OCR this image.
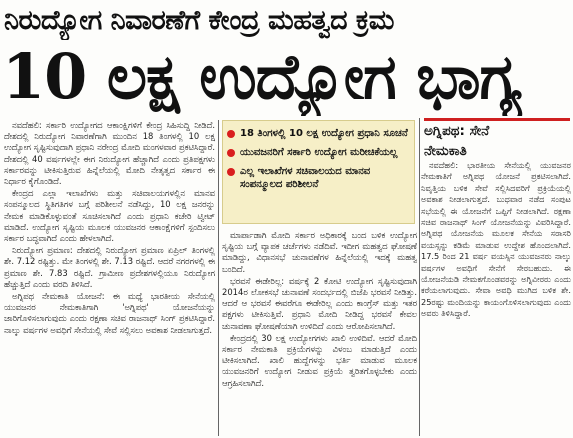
ನಿರುದ್ಯೋಗ ನಿವಾರಣೆಗೆ ಕೇಂದ್ರ ಮಹತ್ವದ ಕ್ರಮ
10 ಲಕ್ಷ ಉದ್ಯೋಗ ಭಾಗ್ಯ

ನವದೆಹಲಿ: ಸರ್ಕಾರಿ ಉದ್ಯೋಗದ ಆಕಾಂಕ್ಷಿಗಳಿಗೆ ಕೇಂದ್ರ ಸಿಹಿಸುದ್ದಿ ನೀಡಿದೆ. ದೇಶದಲ್ಲಿ ನಿರುದ್ಯೋಗ ನಿವಾರಣೆಗಾಗಿ ಮುಂದಿನ 18 ತಿಂಗಳಲ್ಲಿ 10 ಲಕ್ಷ ಉದ್ಯೋಗ ಸೃಷ್ಟಿಸುವುದಾಗಿ ಪ್ರಧಾನಿ ನರೇಂದ್ರ ಮೋದಿ ಮಂಗಳವಾರ ಪ್ರಕಟಿಸಿದ್ದಾರೆ. ದೇಶದಲ್ಲಿ 40 ವರ್ಷಗಳಲ್ಲೇ ಈಗ ನಿರುದ್ಯೋಗ ಹೆಚ್ಚಾಗಿದೆ ಎಂದು ಪ್ರತಿಪಕ್ಷಗಳು ಸರ್ಕಾರವನ್ನು ಟೀಕಿಸುತ್ತಿರುವ ಹಿನ್ನೆಲೆಯಲ್ಲಿ ಮೋದಿ ನೇತೃತ್ವದ ಸರ್ಕಾರ ಈ ನಿರ್ಧಾರ ಕೈಗೊಂಡಿದೆ.

ಕೇಂದ್ರದ ಎಲ್ಲಾ ಇಲಾಖೆಗಳು ಮತ್ತು ಸಚಿವಾಲಯಗಳಲ್ಲಿನ ಮಾನವ ಸಂಪನ್ಮೂಲದ ಸ್ಥಿತಿಗತಿಗಳ ಬಗ್ಗೆ ಪರಿಶೀಲನೆ ನಡೆಸಿದ್ದು, 10 ಲಕ್ಷ ಜನರನ್ನು ನೇಮಕ ಮಾಡಿಕೊಳ್ಳುವಂತೆ ಸೂಚಿಸಲಾಗಿದೆ ಎಂದು ಪ್ರಧಾನಿ ಕಚೇರಿ ಟ್ವೀಟ್ ಮಾಡಿದೆ. ಉದ್ಯೋಗ ಸೃಷ್ಟಿಯ ಮೂಲಕ ಯುವಜನರ ಆಕಾಂಕ್ಷೆಗಳಿಗೆ ಸ್ಪಂದಿಸಲು ಸರ್ಕಾರ ಬದ್ಧವಾಗಿದೆ ಎಂದು ಹೇಳಲಾಗಿದೆ.

ನಿರುದ್ಯೋಗ ಪ್ರಮಾಣ: ದೇಶದಲ್ಲಿ ನಿರುದ್ಯೋಗ ಪ್ರಮಾಣ ಏಪ್ರಿಲ್ ತಿಂಗಳಲ್ಲಿ ಶೇ. 7.12 ರಷ್ಟಿತ್ತು. ಮೇ ತಿಂಗಳಲ್ಲಿ ಶೇ. 7.13 ರಷ್ಟಿದೆ. ಆದರೆ ನಗರಗಳಲ್ಲಿ ಈ ಪ್ರಮಾಣ ಶೇ. 7.83 ರಷ್ಟಿದೆ. ಗ್ರಾಮೀಣ ಪ್ರದೇಶಗಳಲ್ಲಿಯೂ ನಿರುದ್ಯೋಗ ಹೆಚ್ಚುತ್ತಿದೆ ಎಂದು ವರದಿ ತಿಳಿಸಿದೆ.

ಅಗ್ನಿಪಥ ನೇಮಕಾತಿ ಯೋಜನೆ: ಈ ಮಧ್ಯೆ ಭಾರತೀಯ ಸೇನೆಯಲ್ಲಿ ಯುವಜನರ ನೇಮಕಾತಿಗಾಗಿ 'ಅಗ್ನಿಪಥ' ಯೋಜನೆಯನ್ನು ಜಾರಿಗೊಳಿಸಲಾಗುವುದು ಎಂದು ರಕ್ಷಣಾ ಸಚಿವ ರಾಜನಾಥ್ ಸಿಂಗ್ ಪ್ರಕಟಿಸಿದ್ದಾರೆ. ನಾಲ್ಕು ವರ್ಷಗಳ ಅವಧಿಗೆ ಸೇನೆಯಲ್ಲಿ ಸೇವೆ ಸಲ್ಲಿಸಲು ಅವಕಾಶ ನೀಡಲಾಗುತ್ತದೆ.

18 ತಿಂಗಳಲ್ಲಿ 10 ಲಕ್ಷ ಉದ್ಯೋಗ ಪ್ರಧಾನಿ ಸೂಚನೆ
ಯುವಜನರಿಗೆ ಸರ್ಕಾರಿ ಉದ್ಯೋಗ ಮರೀಚಿಕೆಯಲ್ಲ
ಎಲ್ಲ ಇಲಾಖೆಗಳ ಸಚಿವಾಲಯದ ಮಾನವ ಸಂಪನ್ಮೂಲದ ಪರಿಶೀಲನೆ

ಮಾರ್ಪಾಡಾಗಿ ಮೋದಿ ಸರ್ಕಾರ ಅಧಿಕಾರಕ್ಕೆ ಬಂದ ಬಳಿಕ ಉದ್ಯೋಗ ಸೃಷ್ಟಿಯ ಬಗ್ಗೆ ವ್ಯಾಪಕ ಚರ್ಚೆಗಳು ನಡೆದಿವೆ. ಇದೀಗ ಮಹತ್ವದ ಘೋಷಣೆ ಮಾಡಿದ್ದು, ವಿಧಾನಸಭೆ ಚುನಾವಣೆಗಳ ಹಿನ್ನೆಲೆಯಲ್ಲಿ ಇದಕ್ಕೆ ಮಹತ್ವ ಬಂದಿದೆ.

ಭರವಸೆ ಈಡೇರಿಲ್ಲ: ವರ್ಷಕ್ಕೆ 2 ಕೋಟಿ ಉದ್ಯೋಗ ಸೃಷ್ಟಿಸುವುದಾಗಿ 2014ರ ಲೋಕಸಭೆ ಚುನಾವಣೆ ಸಂದರ್ಭದಲ್ಲಿ ಬಿಜೆಪಿ ಭರವಸೆ ನೀಡಿತ್ತು. ಆದರೆ ಆ ಭರವಸೆ ಈವರೆಗೂ ಈಡೇರಿಲ್ಲ ಎಂದು ಕಾಂಗ್ರೆಸ್ ಮತ್ತು ಇತರ ಪಕ್ಷಗಳು ಟೀಕಿಸುತ್ತಿವೆ. ಪ್ರಧಾನಿ ಮೋದಿ ನೀಡಿದ್ದ ಭರವಸೆ ಕೇವಲ ಚುನಾವಣಾ ಘೋಷಣೆಯಾಗಿ ಉಳಿದಿದೆ ಎಂದು ಆರೋಪಿಸಲಾಗಿದೆ.

ಕೇಂದ್ರದಲ್ಲಿ 30 ಲಕ್ಷ ಉದ್ಯೋಗಗಳು ಖಾಲಿ ಉಳಿದಿವೆ. ಆದರೆ ಮೋದಿ ಸರ್ಕಾರ ನೇಮಕಾತಿ ಪ್ರಕ್ರಿಯೆಗಳನ್ನು ವಿಳಂಬ ಮಾಡುತ್ತಿದೆ ಎಂದು ಟೀಕಿಸಲಾಗಿದೆ. ಖಾಲಿ ಹುದ್ದೆಗಳನ್ನು ಭರ್ತಿ ಮಾಡುವ ಮೂಲಕ ಯುವಜನರಿಗೆ ಉದ್ಯೋಗ ನೀಡುವ ಪ್ರಕ್ರಿಯೆ ತ್ವರಿತಗೊಳ್ಳಬೇಕು ಎಂದು ಆಗ್ರಹಿಸಲಾಗಿದೆ.

ಅಗ್ನಿಪಥ: ಸೇನೆ
ನೇಮಕಾತಿ

ನವದೆಹಲಿ: ಭಾರತೀಯ ಸೇನೆಯಲ್ಲಿ ಯುವಜನರ ನೇಮಕಾತಿಗೆ ಅಗ್ನಿಪಥ ಯೋಜನೆ ಪ್ರಕಟಿಸಲಾಗಿದೆ. ನಿವೃತ್ತಿಯ ಬಳಿಕ ಸೇವೆ ಸಲ್ಲಿಸಿದವರಿಗೆ ಪ್ರಕ್ರಿಯೆಯಲ್ಲಿ ಅವಕಾಶ ನೀಡಲಾಗುತ್ತದೆ. ಬುಧವಾರ ನಡೆದ ಸಂಪುಟ ಸಭೆಯಲ್ಲಿ ಈ ಯೋಜನೆಗೆ ಒಪ್ಪಿಗೆ ನೀಡಲಾಗಿದೆ. ರಕ್ಷಣಾ ಸಚಿವ ರಾಜನಾಥ್ ಸಿಂಗ್ ಯೋಜನೆಯನ್ನು ವಿವರಿಸಿದ್ದಾರೆ. ಅಗ್ನಿಪಥ ಯೋಜನೆಯ ಮೂಲಕ ಸೇನೆಯ ಸರಾಸರಿ ವಯಸ್ಸನ್ನು ಕಡಿಮೆ ಮಾಡುವ ಉದ್ದೇಶ ಹೊಂದಲಾಗಿದೆ. 17.5 ರಿಂದ 21 ವರ್ಷ ವಯಸ್ಸಿನ ಯುವಜನರು ನಾಲ್ಕು ವರ್ಷಗಳ ಅವಧಿಗೆ ಸೇನೆಗೆ ಸೇರಬಹುದು. ಈ ಯೋಜನೆಯಡಿ ನೇಮಕಗೊಂಡವರನ್ನು ಅಗ್ನಿವೀರರು ಎಂದು ಕರೆಯಲಾಗುವುದು. ಸೇವಾ ಅವಧಿ ಮುಗಿದ ಬಳಿಕ ಶೇ. 25ರಷ್ಟು ಮಂದಿಯನ್ನು ಕಾಯಂಗೊಳಿಸಲಾಗುವುದು ಎಂದು ಅವರು ತಿಳಿಸಿದ್ದಾರೆ.
